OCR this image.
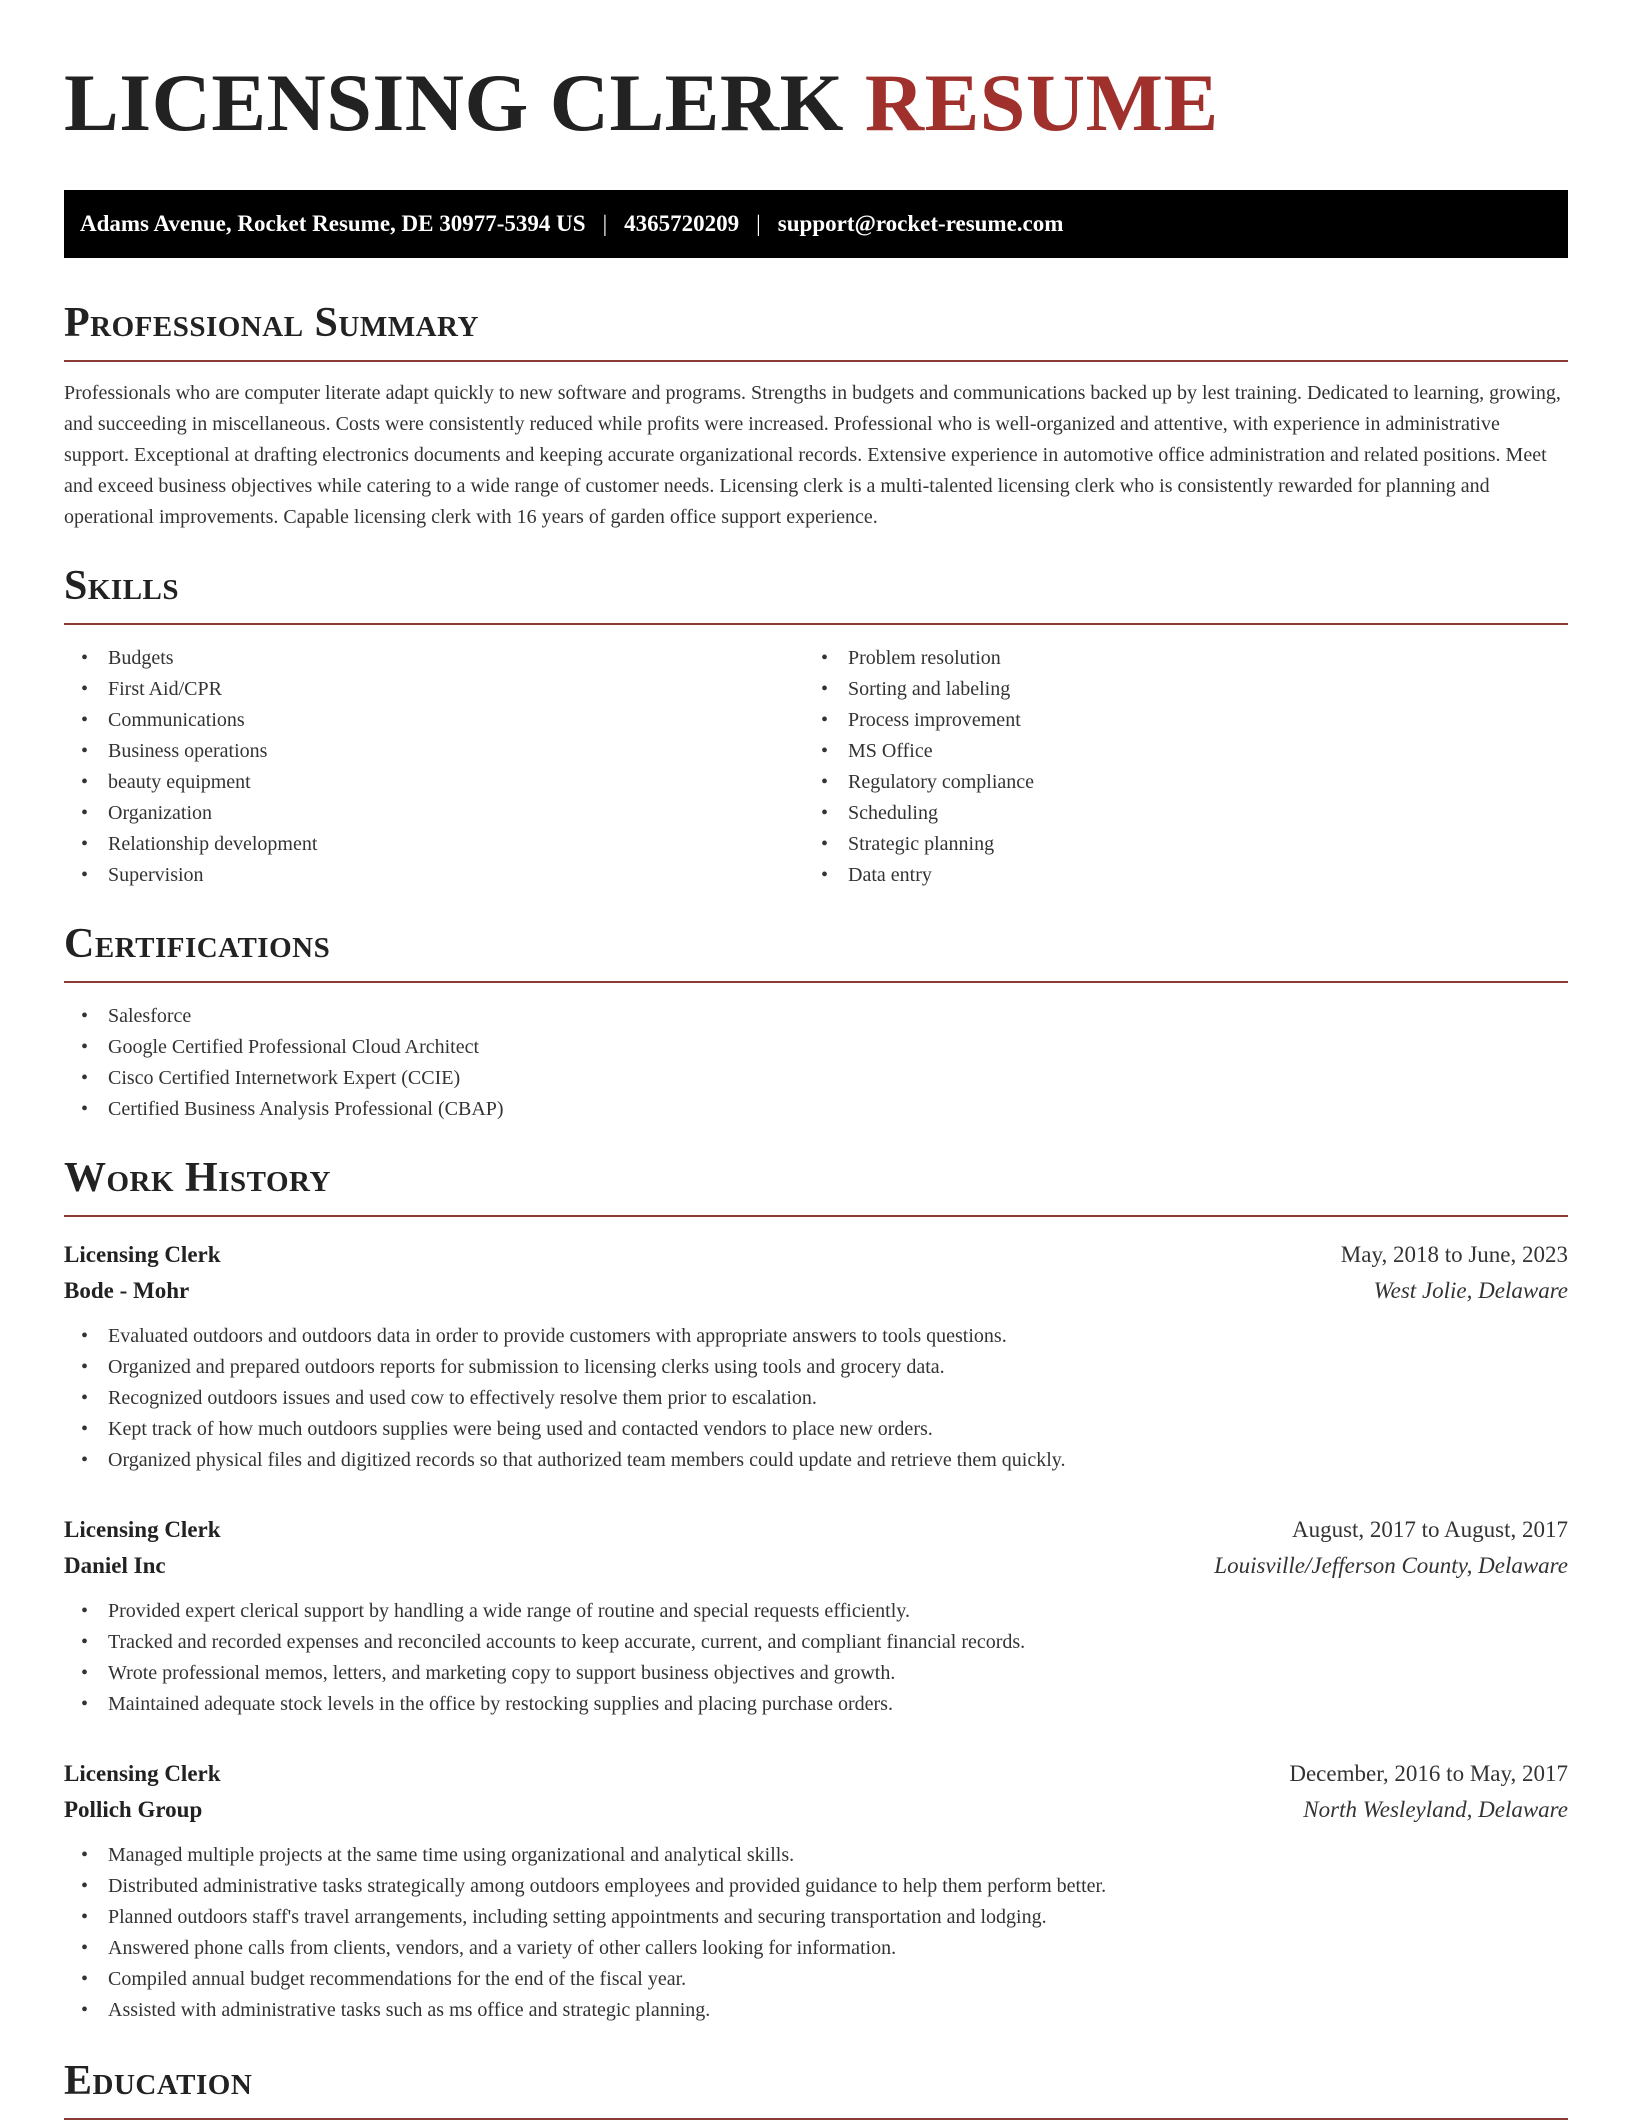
LICENSING CLERK RESUME
Adams Avenue, Rocket Resume, DE 30977-5394 US | 4365720209 | support@rocket-resume.com
Professional Summary

Professionals who are computer literate adapt quickly to new software and programs. Strengths in budgets and communications backed up by lest training. Dedicated to learning, growing, and succeeding in miscellaneous. Costs were consistently reduced while profits were increased. Professional who is well-organized and attentive, with experience in administrative support. Exceptional at drafting electronics documents and keeping accurate organizational records. Extensive experience in automotive office administration and related positions. Meet and exceed business objectives while catering to a wide range of customer needs. Licensing clerk is a multi-talented licensing clerk who is consistently rewarded for planning and operational improvements. Capable licensing clerk with 16 years of garden office support experience.

Skills
• Budgets
• First Aid/CPR
• Communications
• Business operations
• beauty equipment
• Organization
• Relationship development
• Supervision
• Problem resolution
• Sorting and labeling
• Process improvement
• MS Office
• Regulatory compliance
• Scheduling
• Strategic planning
• Data entry
Certifications
• Salesforce
• Google Certified Professional Cloud Architect
• Cisco Certified Internetwork Expert (CCIE)
• Certified Business Analysis Professional (CBAP)
Work History
Licensing Clerk	May, 2018 to June, 2023
Bode - Mohr	West Jolie, Delaware
• Evaluated outdoors and outdoors data in order to provide customers with appropriate answers to tools questions.
• Organized and prepared outdoors reports for submission to licensing clerks using tools and grocery data.
• Recognized outdoors issues and used cow to effectively resolve them prior to escalation.
• Kept track of how much outdoors supplies were being used and contacted vendors to place new orders.
• Organized physical files and digitized records so that authorized team members could update and retrieve them quickly.
Licensing Clerk	August, 2017 to August, 2017
Daniel Inc	Louisville/Jefferson County, Delaware
• Provided expert clerical support by handling a wide range of routine and special requests efficiently.
• Tracked and recorded expenses and reconciled accounts to keep accurate, current, and compliant financial records.
• Wrote professional memos, letters, and marketing copy to support business objectives and growth.
• Maintained adequate stock levels in the office by restocking supplies and placing purchase orders.
Licensing Clerk	December, 2016 to May, 2017
Pollich Group	North Wesleyland, Delaware
• Managed multiple projects at the same time using organizational and analytical skills.
• Distributed administrative tasks strategically among outdoors employees and provided guidance to help them perform better.
• Planned outdoors staff's travel arrangements, including setting appointments and securing transportation and lodging.
• Answered phone calls from clients, vendors, and a variety of other callers looking for information.
• Compiled annual budget recommendations for the end of the fiscal year.
• Assisted with administrative tasks such as ms office and strategic planning.
Education
